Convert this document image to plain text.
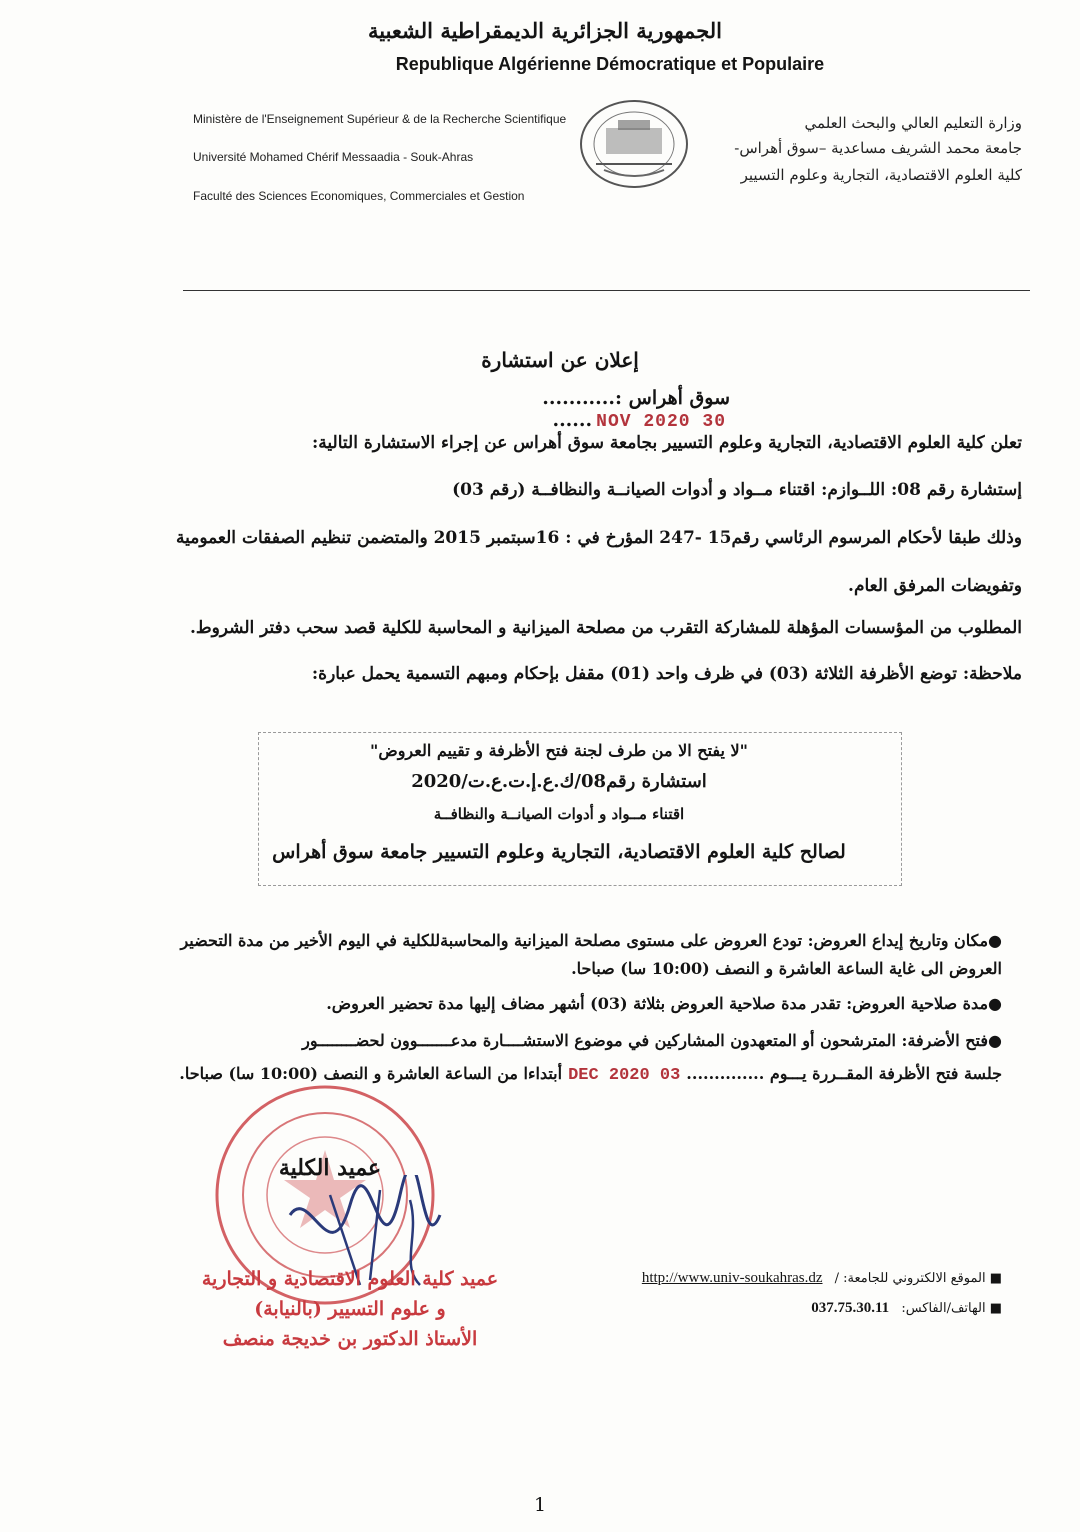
الجمهورية الجزائرية الديمقراطية الشعبية
Republique Algérienne Démocratique et Populaire
Ministère de l'Enseignement Supérieur & de la Recherche Scientifique
Université Mohamed Chérif Messaadia - Souk-Ahras
Faculté des Sciences Economiques, Commerciales et Gestion
وزارة التعليم العالي والبحث العلمي
جامعة محمد الشريف مساعدية –سوق أهراس-
كلية العلوم الاقتصادية، التجارية وعلوم التسيير
إعلان عن استشارة
سوق أهراس :...........30 NOV 2020......
تعلن كلية العلوم الاقتصادية، التجارية وعلوم التسيير بجامعة سوق أهراس عن إجراء الاستشارة التالية:
إستشارة رقم 08: اللــوازم: اقتناء مــواد و أدوات الصيانــة والنظافــة (رقم 03)
وذلك طبقا لأحكام المرسوم الرئاسي رقم15 -247 المؤرخ في : 16سبتمبر 2015 والمتضمن تنظيم الصفقات العمومية
وتفويضات المرفق العام.
المطلوب من المؤسسات المؤهلة للمشاركة التقرب من مصلحة الميزانية و المحاسبة للكلية قصد سحب دفتر الشروط.
ملاحظة: توضع الأظرفة الثلاثة (03) في ظرف واحد (01) مقفل بإحكام ومبهم التسمية يحمل عبارة:
"لا يفتح الا من طرف لجنة فتح الأظرفة و تقييم العروض"
استشارة رقم08/ك.ع.إ.ت.ع.ت/2020
اقتناء مــواد و أدوات الصيانــة والنظافــة
لصالح كلية العلوم الاقتصادية، التجارية وعلوم التسيير جامعة سوق أهراس
●مكان وتاريخ إيداع العروض: تودع العروض على مستوى مصلحة الميزانية والمحاسبةللكلية في اليوم الأخير من مدة التحضير
العروض الى غاية الساعة العاشرة و النصف (10:00 سا) صباحا.
●مدة صلاحية العروض: تقدر مدة صلاحية العروض بثلاثة (03) أشهر مضاف إليها مدة تحضير العروض.
●فتح الأضرفة: المترشحون أو المتعهدون المشاركين في موضوع الاستشــــارة مدعـــــــوون لحضــــــــور
جلسة فتح الأظرفة المقــررة يـــوم ..............03 DEC 2020أبتداءا من الساعة العاشرة و النصف (10:00 سا) صباحا.
عميد الكلية
عميد كلية العلوم الاقتصادية و التجارية
و علوم التسيير (بالنيابة)
الأستاذ الدكتور بن خديجة منصف
■ الموقع الالكتروني للجامعة: / http://www.univ-soukahras.dz
■ الهاتف/الفاكس: 037.75.30.11
1
